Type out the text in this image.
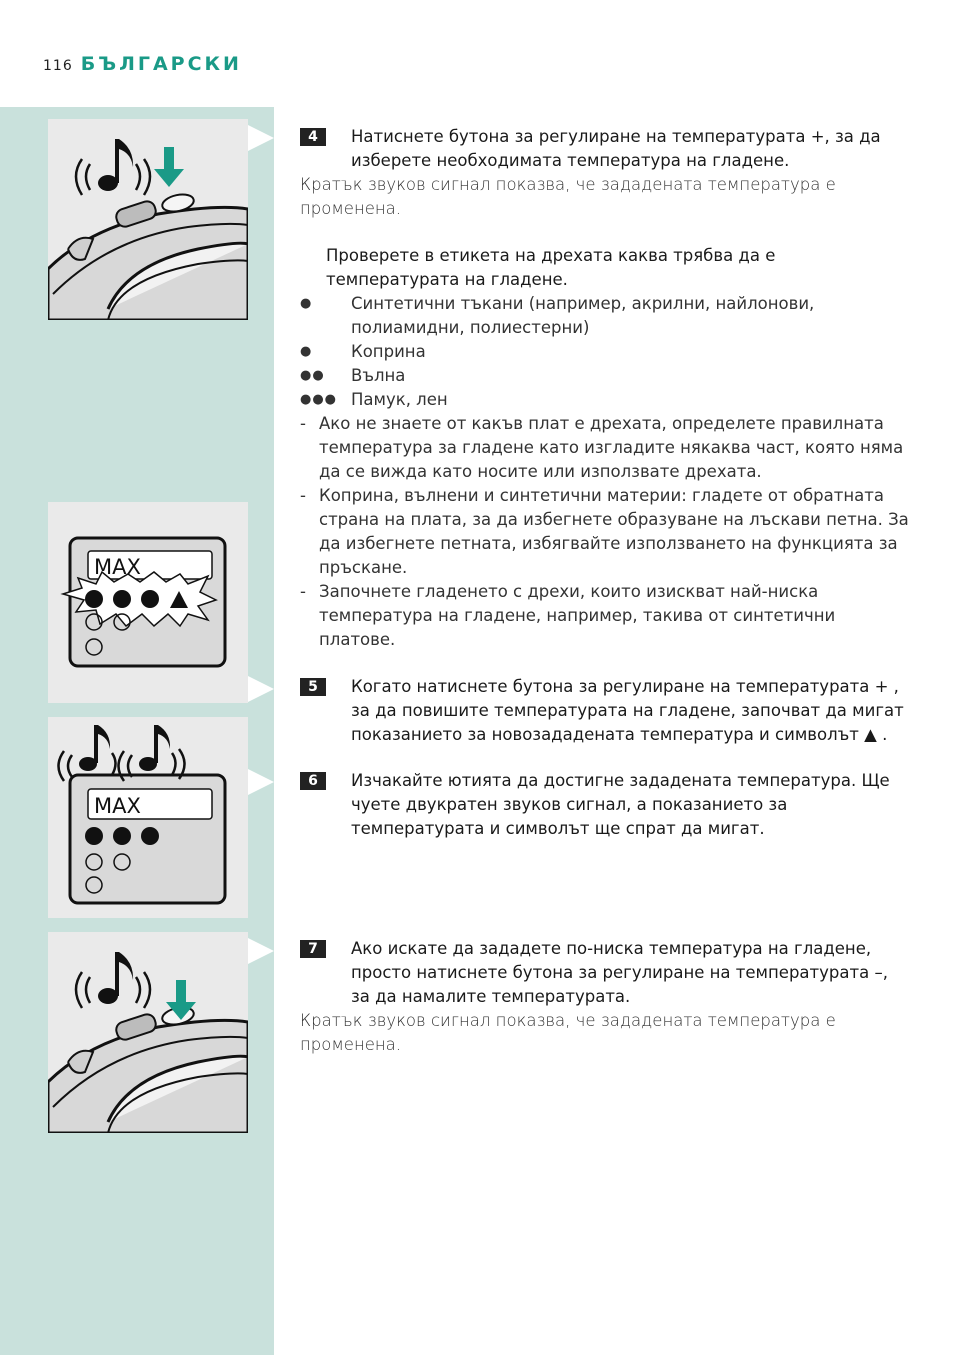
116 БЪЛГАРСКИ
MAX
MAX
4	Натиснете бутона за регулиране на температурата +, за да
изберете необходимата температура на гладене.
Кратък звуков сигнал показва, че зададената температура е
променена.
Проверете в етикета на дрехата каква трябва да е
температурата на гладене.
● Синтетични тъкани (например, акрилни, найлонови,
полиамидни, полиестерни)
● Коприна
●● Вълна
●●● Памук, лен
- Ако не знаете от какъв плат е дрехата, определете правилната
температура за гладене като изгладите някаква част, която няма
да се вижда като носите или използвате дрехата.
- Коприна, вълнени и синтетични материи: гладете от обратната
страна на плата, за да избегнете образуване на лъскави петна. За
да избегнете петната, избягвайте използването на функцията за
пръскане.
- Започнете гладенето с дрехи, които изискват най-ниска
температура на гладене, например, такива от синтетични
платове.
5	Когато натиснете бутона за регулиране на температурата + ,
за да повишите температурата на гладене, започват да мигат
показанието за новозададената температура и символът ▲ .
6	Изчакайте ютията да достигне зададената температура. Ще
чуете двукратен звуков сигнал, а показанието за
температурата и символът ще спрат да мигат.
7	Ако искате да зададете по-ниска температура на гладене,
просто натиснете бутона за регулиране на температурата –,
за да намалите температурата.
Кратък звуков сигнал показва, че зададената температура е
променена.
